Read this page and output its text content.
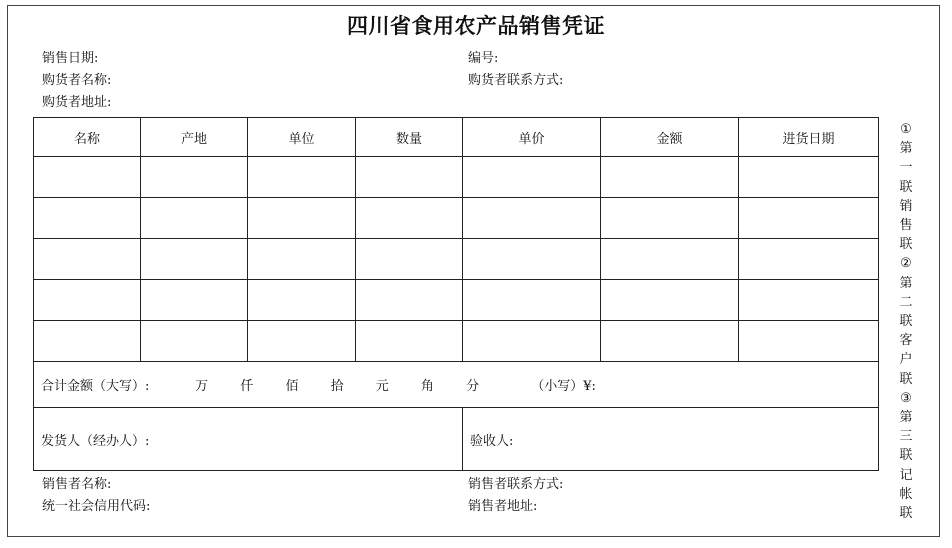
四川省食用农产品销售凭证
销售日期:	编号:
购货者名称:	购货者联系方式:
购货者地址:
名称	产地	单位	数量	单价	金额	进货日期

合计金额（大写）: 万 仟 佰 拾 元 角 分 （小写）¥:						
发货人（经办人）:				验收人:		
销售者名称:	销售者联系方式:
统一社会信用代码:	销售者地址:
①
第
一
联
销
售
联
②
第
二
联
客
户
联
③
第
三
联
记
帐
联
